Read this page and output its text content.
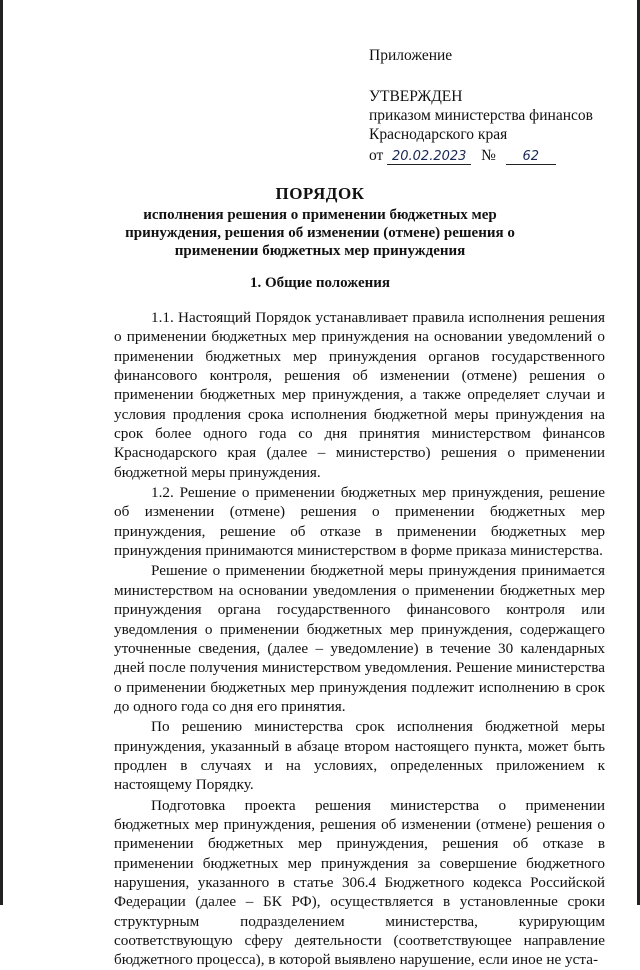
Приложение
УТВЕРЖДЕН
приказом министерства финансов
Краснодарского края
от 20.02.2023 № 62
ПОРЯДОК
исполнения решения о применении бюджетных мер принуждения, решения об изменении (отмене) решения о применении бюджетных мер принуждения
1. Общие положения

1.1. Настоящий Порядок устанавливает правила исполнения решения о применении бюджетных мер принуждения на основании уведомлений о применении бюджетных мер принуждения органов государственного финансового контроля, решения об изменении (отмене) решения о применении бюджетных мер принуждения, а также определяет случаи и условия продления срока исполнения бюджетной меры принуждения на срок более одного года со дня принятия министерством финансов Краснодарского края (далее – министерство) решения о применении бюджетной меры принуждения.

1.2. Решение о применении бюджетных мер принуждения, решение об изменении (отмене) решения о применении бюджетных мер принуждения, решение об отказе в применении бюджетных мер принуждения принимаются министерством в форме приказа министерства.

Решение о применении бюджетной меры принуждения принимается министерством на основании уведомления о применении бюджетных мер принуждения органа государственного финансового контроля или уведомления о применении бюджетных мер принуждения, содержащего уточненные сведения, (далее – уведомление) в течение 30 календарных дней после получения министерством уведомления. Решение министерства о применении бюджетных мер принуждения подлежит исполнению в срок до одного года со дня его принятия.

По решению министерства срок исполнения бюджетной меры принуждения, указанный в абзаце втором настоящего пункта, может быть продлен в случаях и на условиях, определенных приложением к настоящему Порядку.

Подготовка проекта решения министерства о применении бюджетных мер принуждения, решения об изменении (отмене) решения о применении бюджетных мер принуждения, решения об отказе в применении бюджетных мер принуждения за совершение бюджетного нарушения, указанного в статье 306.4 Бюджетного кодекса Российской Федерации (далее – БК РФ), осуществляется в установленные сроки структурным подразделением министерства, курирующим соответствующую сферу деятельности (соответствующее направление бюджетного процесса), в которой выявлено нарушение, если иное не уста-
